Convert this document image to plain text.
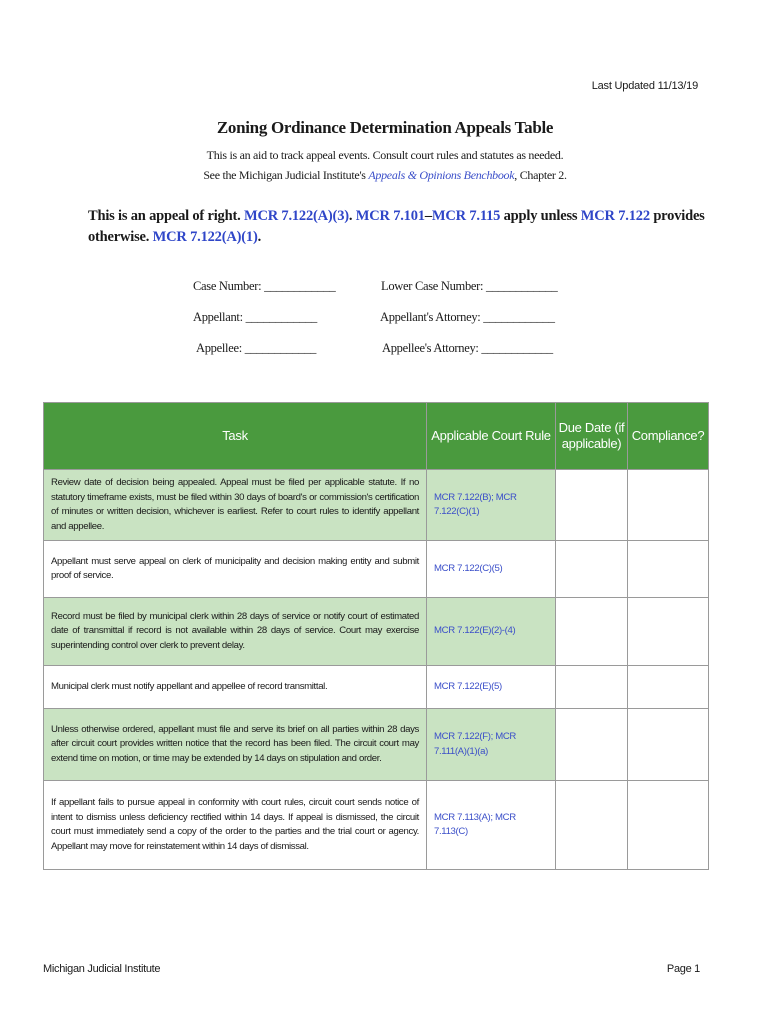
Last Updated 11/13/19
Zoning Ordinance Determination Appeals Table
This is an aid to track appeal events. Consult court rules and statutes as needed.
See the Michigan Judicial Institute's Appeals & Opinions Benchbook, Chapter 2.
This is an appeal of right. MCR 7.122(A)(3). MCR 7.101–MCR 7.115 apply unless MCR 7.122 provides otherwise. MCR 7.122(A)(1).
Case Number: ____________	Lower Case Number: ____________
Appellant: ____________	Appellant's Attorney: ____________
Appellee: ____________	Appellee's Attorney: ____________
Task	Applicable Court Rule	Due Date (if applicable)	Compliance?
Review date of decision being appealed. Appeal must be filed per applicable statute. If no statutory timeframe exists, must be filed within 30 days of board's or commission's certification of minutes or written decision, whichever is earliest. Refer to court rules to identify appellant and appellee.	MCR 7.122(B); MCR 7.122(C)(1)		
Appellant must serve appeal on clerk of municipality and decision making entity and submit proof of service.	MCR 7.122(C)(5)		
Record must be filed by municipal clerk within 28 days of service or notify court of estimated date of transmittal if record is not available within 28 days of service. Court may exercise superintending control over clerk to prevent delay.	MCR 7.122(E)(2)-(4)		
Municipal clerk must notify appellant and appellee of record transmittal.	MCR 7.122(E)(5)		
Unless otherwise ordered, appellant must file and serve its brief on all parties within 28 days after circuit court provides written notice that the record has been filed. The circuit court may extend time on motion, or time may be extended by 14 days on stipulation and order.	MCR 7.122(F); MCR 7.111(A)(1)(a)		
If appellant fails to pursue appeal in conformity with court rules, circuit court sends notice of intent to dismiss unless deficiency rectified within 14 days. If appeal is dismissed, the circuit court must immediately send a copy of the order to the parties and the trial court or agency. Appellant may move for reinstatement within 14 days of dismissal.	MCR 7.113(A); MCR 7.113(C)		
Michigan Judicial Institute	Page 1
